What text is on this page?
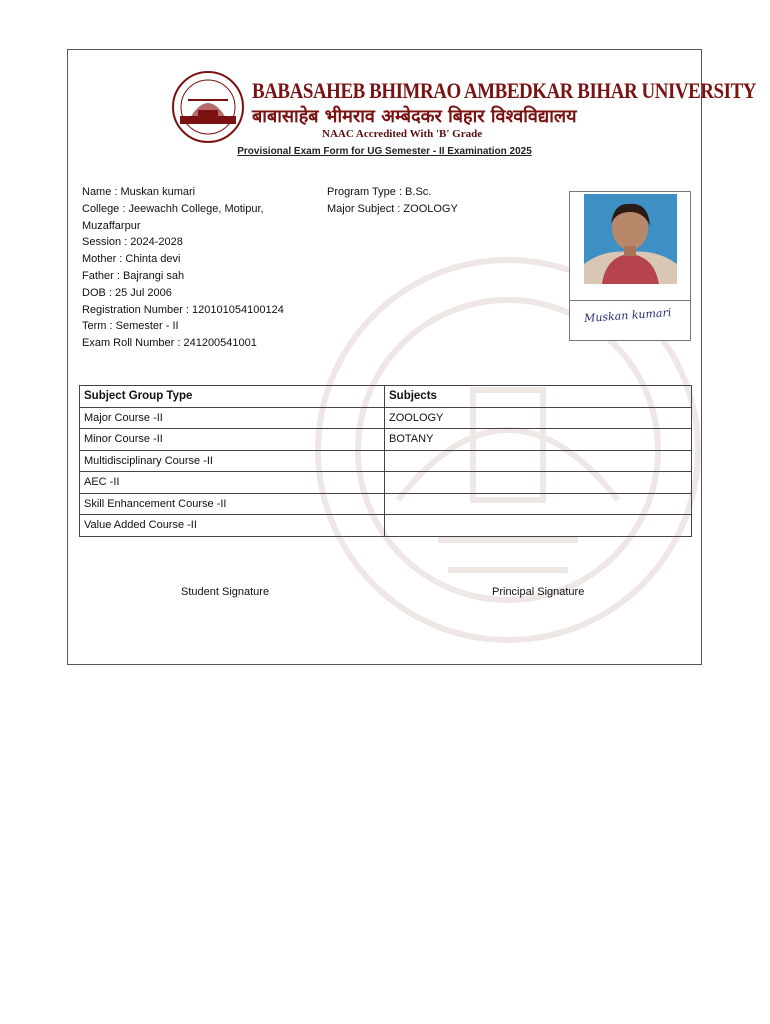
BABASAHEB BHIMRAO AMBEDKAR BIHAR UNIVERSITY
बाबासाहेब भीमराव अम्बेदकर बिहार विश्वविद्यालय
NAAC Accredited With 'B' Grade
Provisional Exam Form for UG Semester - II Examination 2025
Name : Muskan kumari
College : Jeewachh College, Motipur, Muzaffarpur
Session : 2024-2028
Mother : Chinta devi
Father : Bajrangi sah
DOB : 25 Jul 2006
Registration Number : 120101054100124
Term : Semester - II
Exam Roll Number : 241200541001
Program Type : B.Sc.
Major Subject : ZOOLOGY
Muskan kumari
Subject Group Type	Subjects
Major Course -II	ZOOLOGY
Minor Course -II	BOTANY
Multidisciplinary Course -II	
AEC -II	
Skill Enhancement Course -II	
Value Added Course -II	
Student Signature	Principal Signature
